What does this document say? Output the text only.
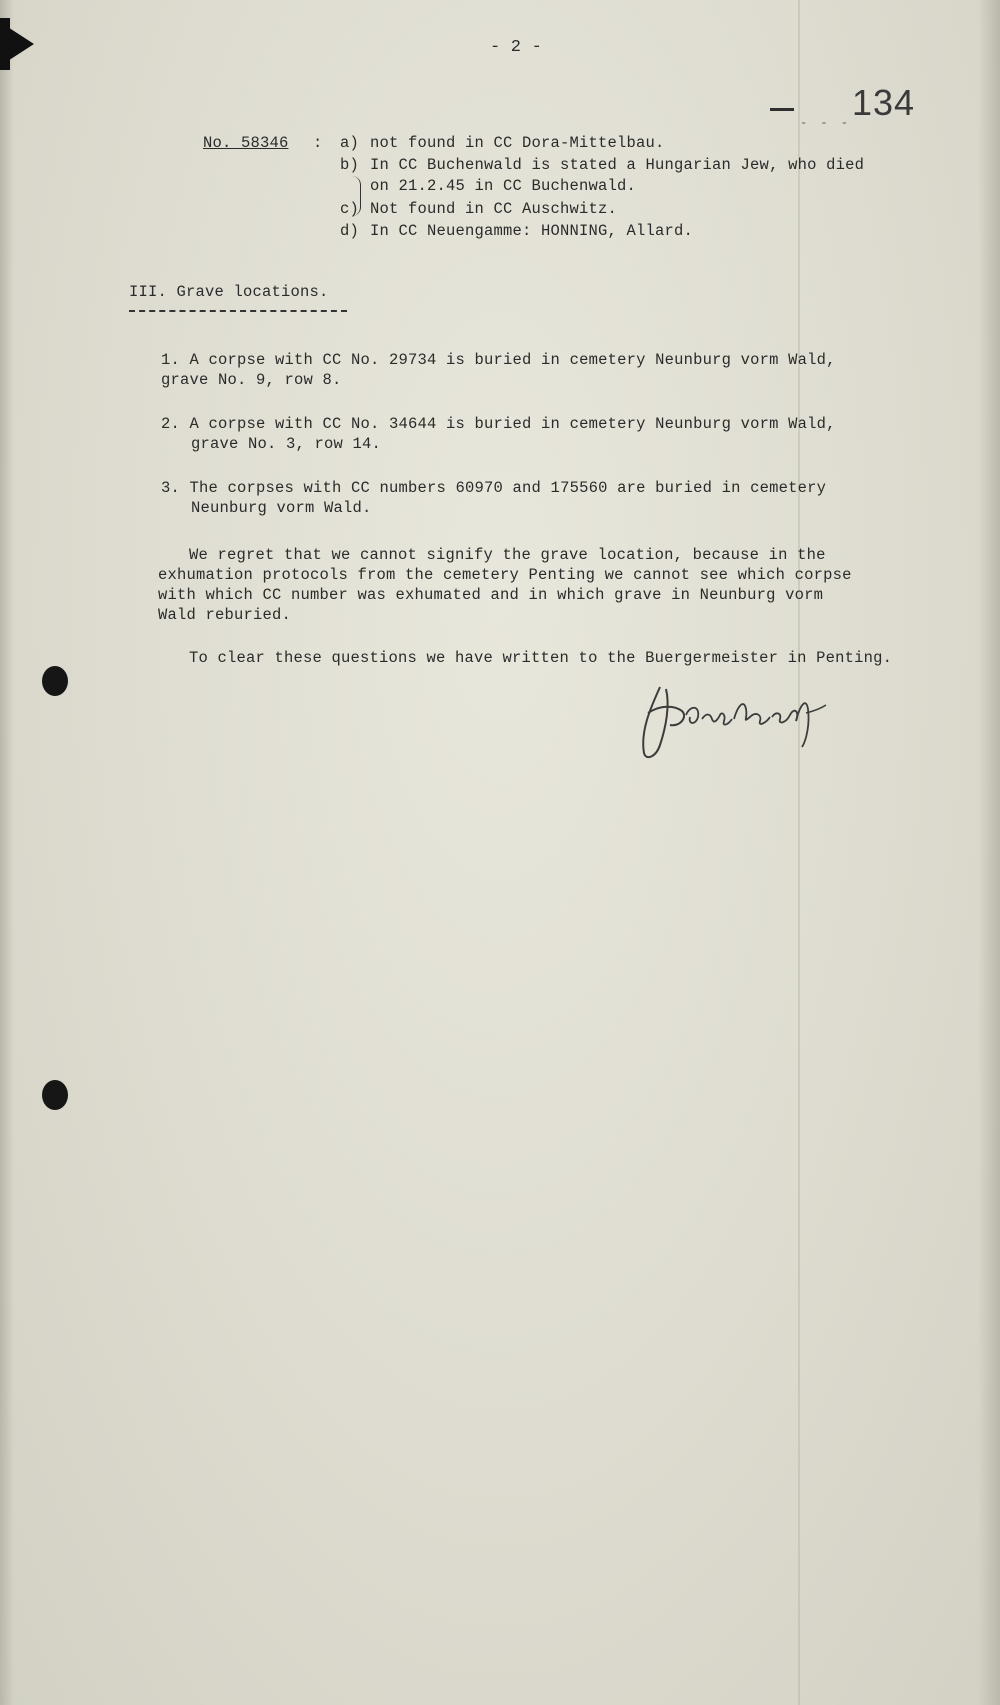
- 2 -
- - - 134
No. 58346 : a) not found in CC Dora-Mittelbau.
b) In CC Buchenwald is stated a Hungarian Jew, who died
on 21.2.45 in CC Buchenwald.
c) Not found in CC Auschwitz.
d) In CC Neuengamme: HONNING, Allard.
III. Grave locations.
1. A corpse with CC No. 29734 is buried in cemetery Neunburg vorm Wald,
grave No. 9, row 8.
2. A corpse with CC No. 34644 is buried in cemetery Neunburg vorm Wald,
grave No. 3, row 14.
3. The corpses with CC numbers 60970 and 175560 are buried in cemetery
Neunburg vorm Wald.
We regret that we cannot signify the grave location, because in the
exhumation protocols from the cemetery Penting we cannot see which corpse
with which CC number was exhumated and in which grave in Neunburg vorm
Wald reburied.
To clear these questions we have written to the Buergermeister in Penting.
